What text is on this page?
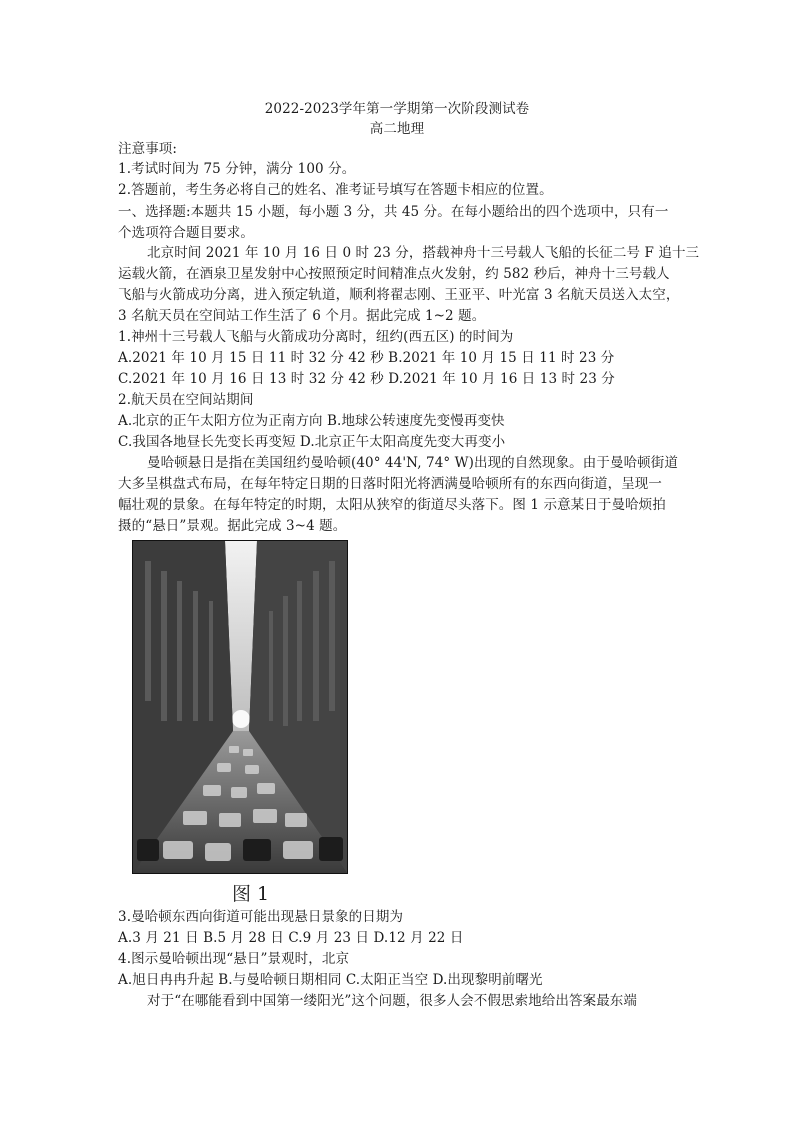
2022-2023学年第一学期第一次阶段测试卷
高二地理
注意事项:
1.考试时间为 75 分钟，满分 100 分。
2.答题前，考生务必将自己的姓名、准考证号填写在答题卡相应的位置。
一、选择题:本题共 15 小题，每小题 3 分，共 45 分。在每小题给出的四个选项中，只有一
个选项符合题目要求。
北京时间 2021 年 10 月 16 日 0 时 23 分，搭载神舟十三号载人飞船的长征二号 F 追十三
运载火箭，在酒泉卫星发射中心按照预定时间精准点火发射，约 582 秒后，神舟十三号载人
飞船与火箭成功分离，进入预定轨道，顺利将翟志刚、王亚平、叶光富 3 名航天员送入太空，
3 名航天员在空间站工作生活了 6 个月。据此完成 1~2 题。
1.神州十三号载人飞船与火箭成功分离时，纽约(西五区) 的时间为
A.2021 年 10 月 15 日 11 时 32 分 42 秒 B.2021 年 10 月 15 日 11 时 23 分
C.2021 年 10 月 16 日 13 时 32 分 42 秒 D.2021 年 10 月 16 日 13 时 23 分
2.航天员在空间站期间
A.北京的正午太阳方位为正南方向 B.地球公转速度先变慢再变快
C.我国各地昼长先变长再变短 D.北京正午太阳高度先变大再变小
曼哈顿悬日是指在美国纽约曼哈顿(40° 44'N, 74° W)出现的自然现象。由于曼哈顿街道
大多呈棋盘式布局，在每年特定日期的日落时阳光将洒满曼哈顿所有的东西向街道，呈现一
幅壮观的景象。在每年特定的时期，太阳从狭窄的街道尽头落下。图 1 示意某日于曼哈烦拍
摄的“悬日”景观。据此完成 3~4 题。
图 1
3.曼哈顿东西向街道可能出现悬日景象的日期为
A.3 月 21 日 B.5 月 28 日 C.9 月 23 日 D.12 月 22 日
4.图示曼哈顿出现“悬日”景观时，北京
A.旭日冉冉升起 B.与曼哈顿日期相同 C.太阳正当空 D.出现黎明前曙光
对于“在哪能看到中国第一缕阳光”这个问题，很多人会不假思索地给出答案最东端
